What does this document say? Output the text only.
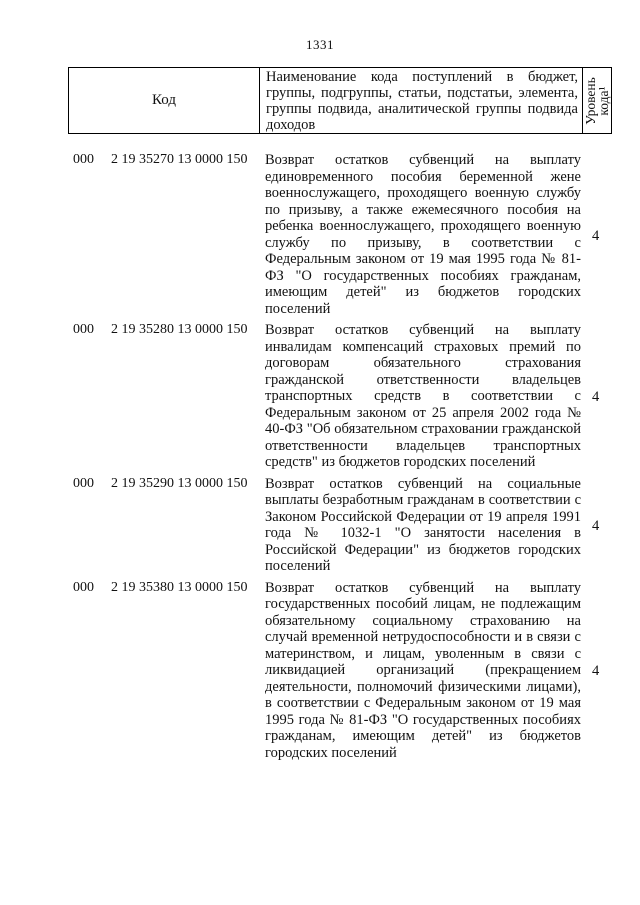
1331
Код
Наименование кода поступлений в бюджет, группы, подгруппы, статьи, подстатьи, элемента, группы подвида, аналитической группы подвида доходов
Уровень кода¹
000 2 19 35270 13 0000 150 Возврат остатков субвенций на выплату единовременного пособия беременной жене военнослужащего, проходящего военную службу по призыву, а также ежемесячного пособия на ребенка военнослужащего, проходящего военную службу по призыву, в соответствии с Федеральным законом от 19 мая 1995 года № 81-ФЗ "О государственных пособиях гражданам, имеющим детей" из бюджетов городских поселений
4
000 2 19 35280 13 0000 150 Возврат остатков субвенций на выплату инвалидам компенсаций страховых премий по договорам обязательного страхования гражданской ответственности владельцев транспортных средств в соответствии с Федеральным законом от 25 апреля 2002 года № 40-ФЗ "Об обязательном страховании гражданской ответственности владельцев транспортных средств" из бюджетов городских поселений
4
000 2 19 35290 13 0000 150 Возврат остатков субвенций на социальные выплаты безработным гражданам в соответствии с Законом Российской Федерации от 19 апреля 1991 года № 1032-1 "О занятости населения в Российской Федерации" из бюджетов городских поселений
4
000 2 19 35380 13 0000 150 Возврат остатков субвенций на выплату государственных пособий лицам, не подлежащим обязательному социальному страхованию на случай временной нетрудоспособности и в связи с материнством, и лицам, уволенным в связи с ликвидацией организаций (прекращением деятельности, полномочий физическими лицами), в соответствии с Федеральным законом от 19 мая 1995 года № 81-ФЗ "О государственных пособиях гражданам, имеющим детей" из бюджетов городских поселений
4
